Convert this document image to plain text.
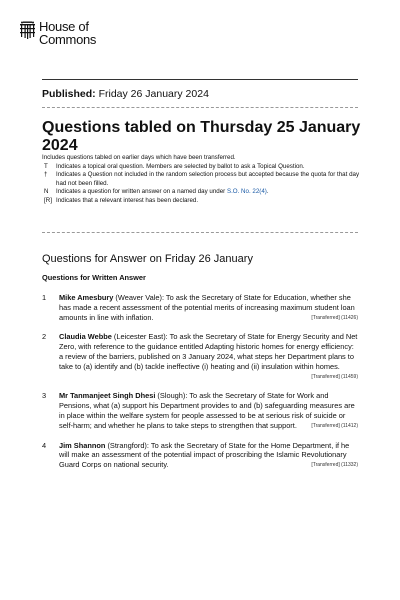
House of
Commons
Published: Friday 26 January 2024
Questions tabled on Thursday 25 January 2024
Includes questions tabled on earlier days which have been transferred.
T	Indicates a topical oral question. Members are selected by ballot to ask a Topical Question.
†	Indicates a Question not included in the random selection process but accepted because the quota for that day had not been filled.
N	Indicates a question for written answer on a named day under S.O. No. 22(4).
[R] Indicates that a relevant interest has been declared.
Questions for Answer on Friday 26 January
Questions for Written Answer
1	Mike Amesbury (Weaver Vale): To ask the Secretary of State for Education, whether she has made a recent assessment of the potential merits of increasing maximum student loan amounts in line with inflation.	[Transferred] (11426)
2	Claudia Webbe (Leicester East): To ask the Secretary of State for Energy Security and Net Zero, with reference to the guidance entitled Adapting historic homes for energy efficiency: a review of the barriers, published on 3 January 2024, what steps her Department plans to take to (a) identify and (b) tackle ineffective (i) heating and (ii) insulation within homes.
[Transferred] (11459)
3	Mr Tanmanjeet Singh Dhesi (Slough): To ask the Secretary of State for Work and Pensions, what (a) support his Department provides to and (b) safeguarding measures are in place within the welfare system for people assessed to be at serious risk of suicide or self-harm; and whether he plans to take steps to strengthen that support.	[Transferred] (11412)
4	Jim Shannon (Strangford): To ask the Secretary of State for the Home Department, if he will make an assessment of the potential impact of proscribing the Islamic Revolutionary Guard Corps on national security.	[Transferred] (11332)
